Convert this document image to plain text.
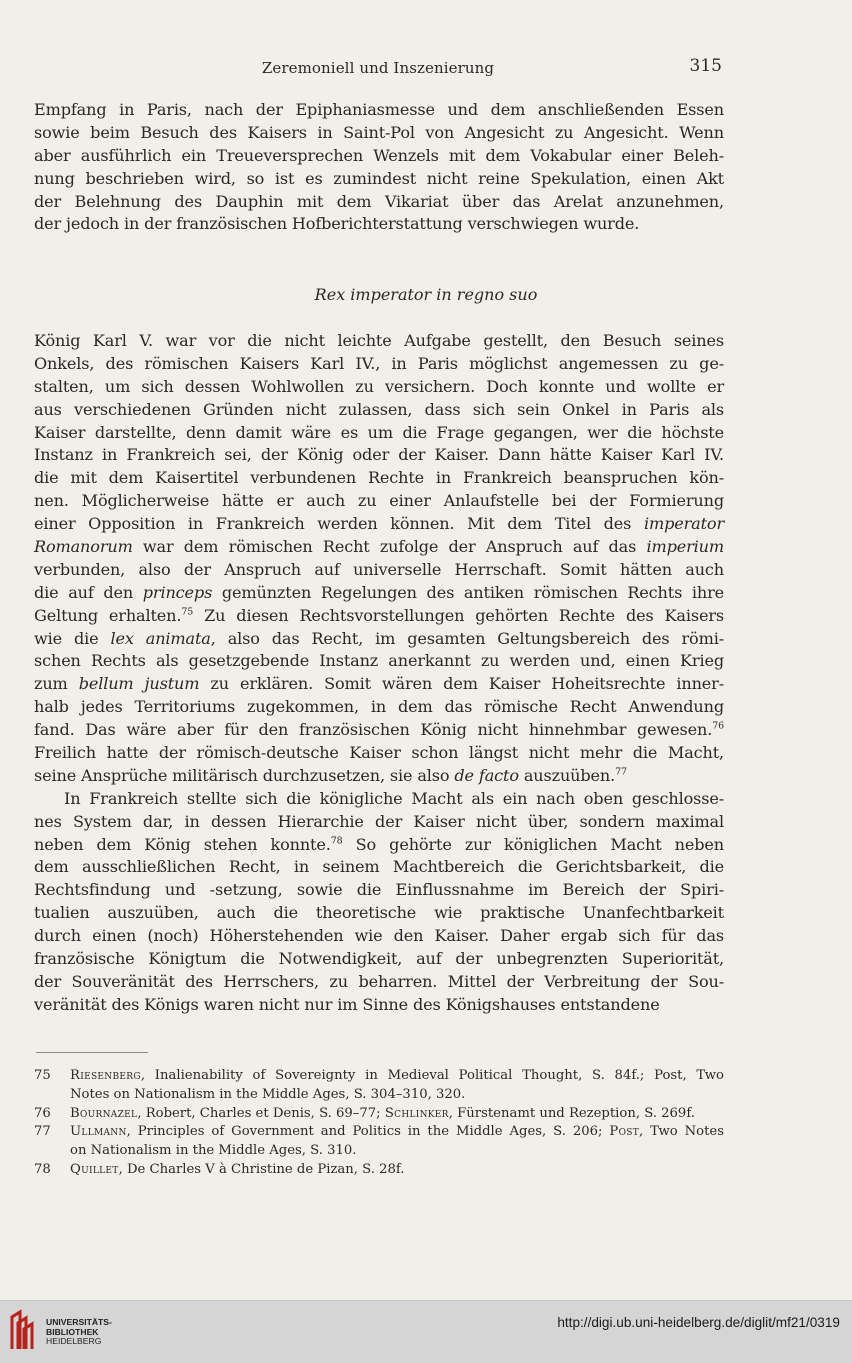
Zeremoniell und Inszenierung	315
Empfang in Paris, nach der Epiphaniasmesse und dem anschließenden Essen
sowie beim Besuch des Kaisers in Saint-Pol von Angesicht zu Angesicht. Wenn
aber ausführlich ein Treueversprechen Wenzels mit dem Vokabular einer Beleh-
nung beschrieben wird, so ist es zumindest nicht reine Spekulation, einen Akt
der Belehnung des Dauphin mit dem Vikariat über das Arelat anzunehmen,
der jedoch in der französischen Hofberichterstattung verschwiegen wurde.
Rex imperator in regno suo
König Karl V. war vor die nicht leichte Aufgabe gestellt, den Besuch seines
Onkels, des römischen Kaisers Karl IV., in Paris möglichst angemessen zu ge-
stalten, um sich dessen Wohlwollen zu versichern. Doch konnte und wollte er
aus verschiedenen Gründen nicht zulassen, dass sich sein Onkel in Paris als
Kaiser darstellte, denn damit wäre es um die Frage gegangen, wer die höchste
Instanz in Frankreich sei, der König oder der Kaiser. Dann hätte Kaiser Karl IV.
die mit dem Kaisertitel verbundenen Rechte in Frankreich beanspruchen kön-
nen. Möglicherweise hätte er auch zu einer Anlaufstelle bei der Formierung
einer Opposition in Frankreich werden können. Mit dem Titel des imperator
Romanorum war dem römischen Recht zufolge der Anspruch auf das imperium
verbunden, also der Anspruch auf universelle Herrschaft. Somit hätten auch
die auf den princeps gemünzten Regelungen des antiken römischen Rechts ihre
Geltung erhalten.$^{75}$ Zu diesen Rechtsvorstellungen gehörten Rechte des Kaisers
wie die lex animata, also das Recht, im gesamten Geltungsbereich des römi-
schen Rechts als gesetzgebende Instanz anerkannt zu werden und, einen Krieg
zum bellum justum zu erklären. Somit wären dem Kaiser Hoheitsrechte inner-
halb jedes Territoriums zugekommen, in dem das römische Recht Anwendung
fand. Das wäre aber für den französischen König nicht hinnehmbar gewesen.$^{76}$
Freilich hatte der römisch-deutsche Kaiser schon längst nicht mehr die Macht,
seine Ansprüche militärisch durchzusetzen, sie also de facto auszuüben.$^{77}$
In Frankreich stellte sich die königliche Macht als ein nach oben geschlosse-
nes System dar, in dessen Hierarchie der Kaiser nicht über, sondern maximal
neben dem König stehen konnte.$^{78}$ So gehörte zur königlichen Macht neben
dem ausschließlichen Recht, in seinem Machtbereich die Gerichtsbarkeit, die
Rechtsfindung und -setzung, sowie die Einflussnahme im Bereich der Spiri-
tualien auszuüben, auch die theoretische wie praktische Unanfechtbarkeit
durch einen (noch) Höherstehenden wie den Kaiser. Daher ergab sich für das
französische Königtum die Notwendigkeit, auf der unbegrenzten Superiorität,
der Souveränität des Herrschers, zu beharren. Mittel der Verbreitung der Sou-
veränität des Königs waren nicht nur im Sinne des Königshauses entstandene
75 Riesenberg, Inalienability of Sovereignty in Medieval Political Thought, S. 84f.; Post, Two
Notes on Nationalism in the Middle Ages, S. 304–310, 320.
76 Bournazel, Robert, Charles et Denis, S. 69–77; Schlinker, Fürstenamt und Rezeption, S. 269f.
77 Ullmann, Principles of Government and Politics in the Middle Ages, S. 206; Post, Two Notes
on Nationalism in the Middle Ages, S. 310.
78 Quillet, De Charles V à Christine de Pizan, S. 28f.
UNIVERSITÄTS-
BIBLIOTHEK
HEIDELBERG
http://digi.ub.uni-heidelberg.de/diglit/mf21/0319
